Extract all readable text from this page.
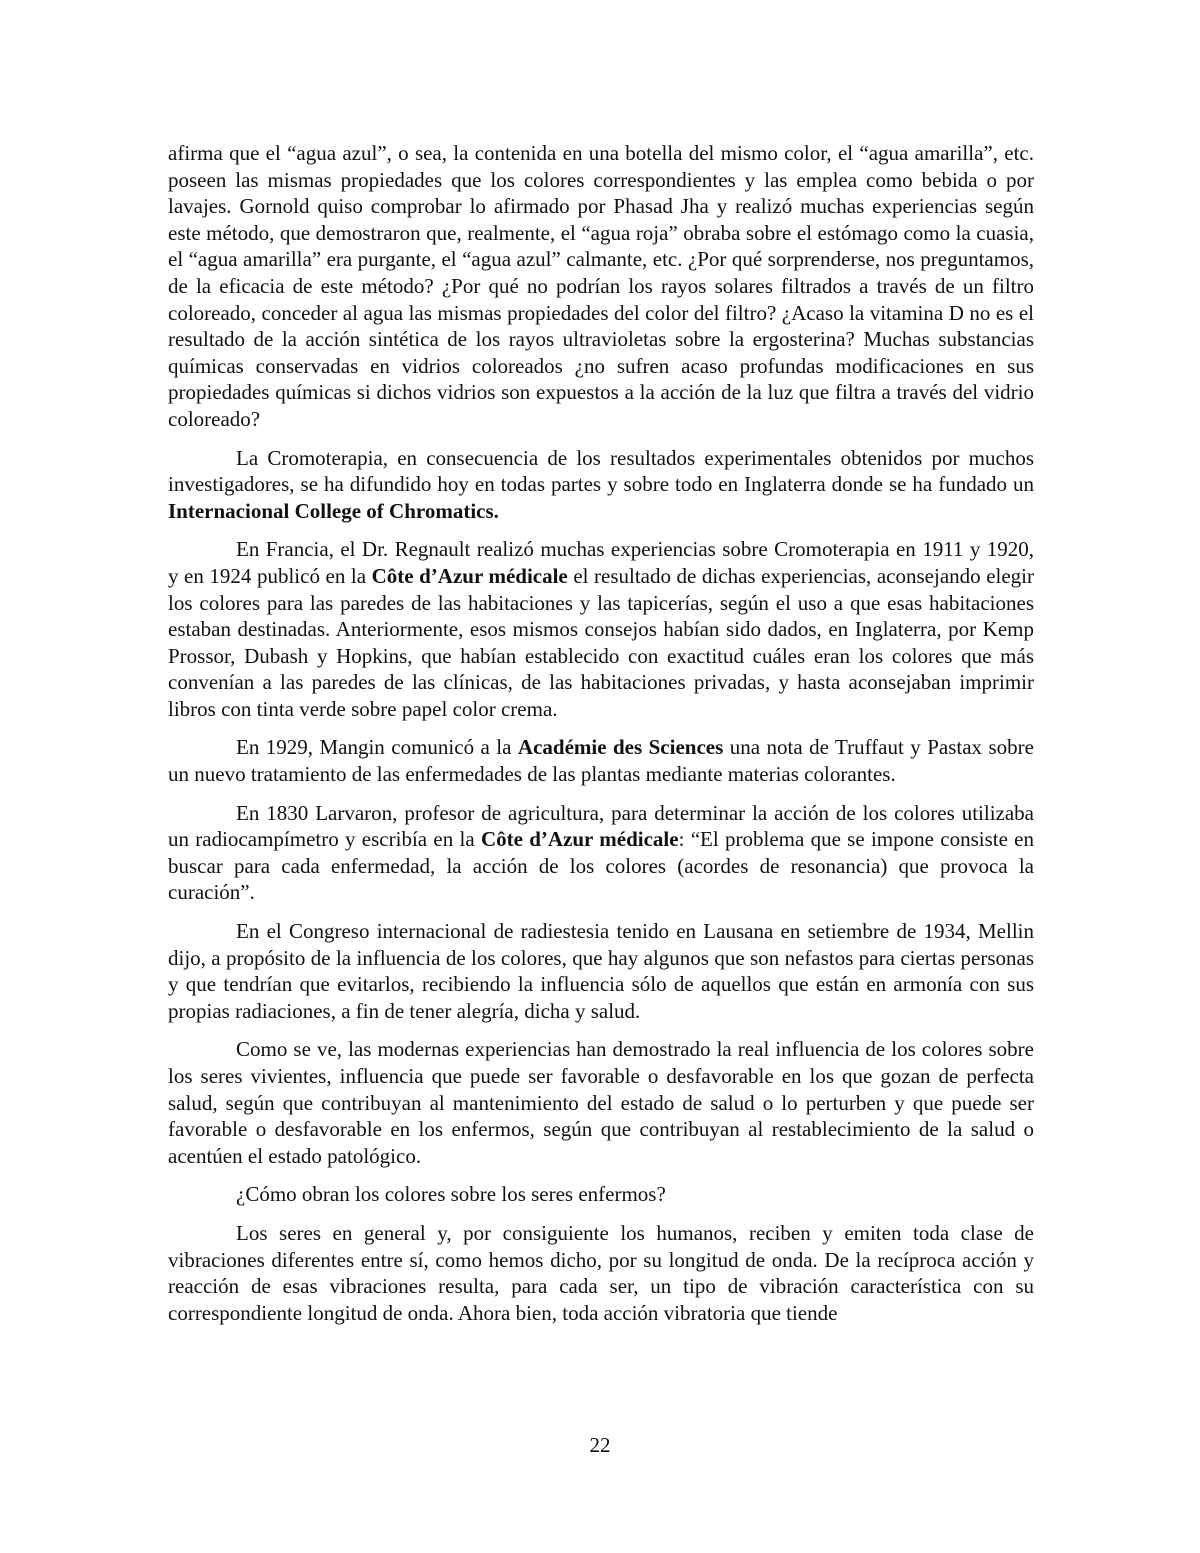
afirma que el “agua azul”, o sea, la contenida en una botella del mismo color, el “agua amarilla”, etc. poseen las mismas propiedades que los colores correspondientes y las emplea como bebida o por lavajes. Gornold quiso comprobar lo afirmado por Phasad Jha y realizó muchas experiencias según este método, que demostraron que, realmente, el “agua roja” obraba sobre el estómago como la cuasia, el “agua amarilla” era purgante, el “agua azul” calmante, etc. ¿Por qué sorprenderse, nos preguntamos, de la eficacia de este método? ¿Por qué no podrían los rayos solares filtrados a través de un filtro coloreado, conceder al agua las mismas propiedades del color del filtro? ¿Acaso la vitamina D no es el resultado de la acción sintética de los rayos ultravioletas sobre la ergosterina? Muchas substancias químicas conservadas en vidrios coloreados ¿no sufren acaso profundas modificaciones en sus propiedades químicas si dichos vidrios son expuestos a la acción de la luz que filtra a través del vidrio coloreado?

La Cromoterapia, en consecuencia de los resultados experimentales obtenidos por muchos investigadores, se ha difundido hoy en todas partes y sobre todo en Inglaterra donde se ha fundado un Internacional College of Chromatics.

En Francia, el Dr. Regnault realizó muchas experiencias sobre Cromoterapia en 1911 y 1920, y en 1924 publicó en la Côte d’Azur médicale el resultado de dichas experiencias, aconsejando elegir los colores para las paredes de las habitaciones y las tapicerías, según el uso a que esas habitaciones estaban destinadas. Anteriormente, esos mismos consejos habían sido dados, en Inglaterra, por Kemp Prossor, Dubash y Hopkins, que habían establecido con exactitud cuáles eran los colores que más convenían a las paredes de las clínicas, de las habitaciones privadas, y hasta aconsejaban imprimir libros con tinta verde sobre papel color crema.

En 1929, Mangin comunicó a la Académie des Sciences una nota de Truffaut y Pastax sobre un nuevo tratamiento de las enfermedades de las plantas mediante materias colorantes.

En 1830 Larvaron, profesor de agricultura, para determinar la acción de los colores utilizaba un radiocampímetro y escribía en la Côte d’Azur médicale: “El problema que se impone consiste en buscar para cada enfermedad, la acción de los colores (acordes de resonancia) que provoca la curación”.

En el Congreso internacional de radiestesia tenido en Lausana en setiembre de 1934, Mellin dijo, a propósito de la influencia de los colores, que hay algunos que son nefastos para ciertas personas y que tendrían que evitarlos, recibiendo la influencia sólo de aquellos que están en armonía con sus propias radiaciones, a fin de tener alegría, dicha y salud.

Como se ve, las modernas experiencias han demostrado la real influencia de los colores sobre los seres vivientes, influencia que puede ser favorable o desfavorable en los que gozan de perfecta salud, según que contribuyan al mantenimiento del estado de salud o lo perturben y que puede ser favorable o desfavorable en los enfermos, según que contribuyan al restablecimiento de la salud o acentúen el estado patológico.

¿Cómo obran los colores sobre los seres enfermos?

Los seres en general y, por consiguiente los humanos, reciben y emiten toda clase de vibraciones diferentes entre sí, como hemos dicho, por su longitud de onda. De la recíproca acción y reacción de esas vibraciones resulta, para cada ser, un tipo de vibración característica con su correspondiente longitud de onda. Ahora bien, toda acción vibratoria que tiende

22
